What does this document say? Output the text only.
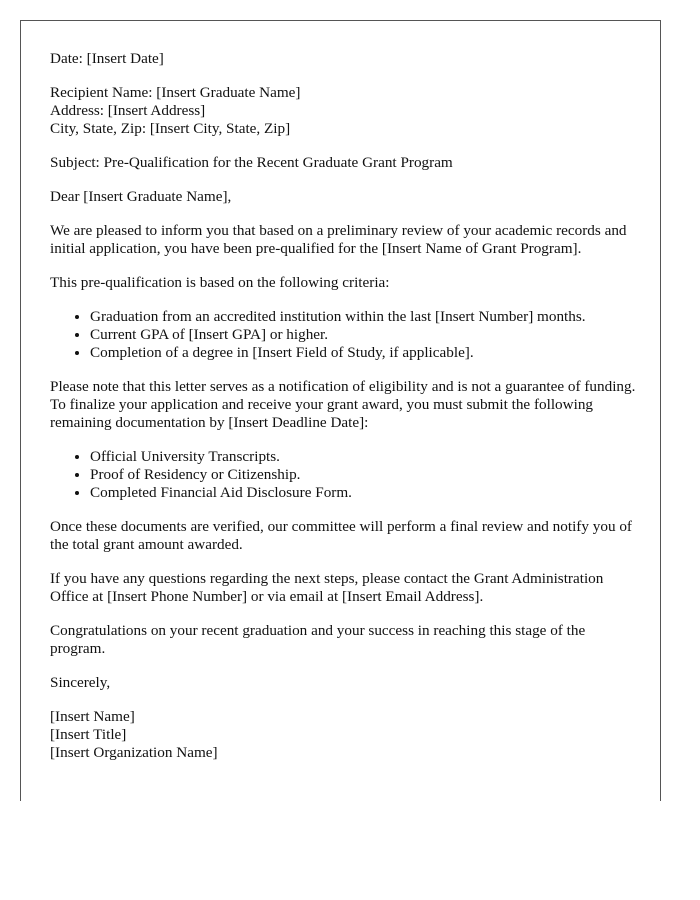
Date: [Insert Date]

Recipient Name: [Insert Graduate Name]

Address: [Insert Address]

City, State, Zip: [Insert City, State, Zip]

Subject: Pre-Qualification for the Recent Graduate Grant Program

Dear [Insert Graduate Name],

We are pleased to inform you that based on a preliminary review of your academic records and initial application, you have been pre-qualified for the [Insert Name of Grant Program].

This pre-qualification is based on the following criteria:

• Graduation from an accredited institution within the last [Insert Number] months.
• Current GPA of [Insert GPA] or higher.
• Completion of a degree in [Insert Field of Study, if applicable].

Please note that this letter serves as a notification of eligibility and is not a guarantee of funding. To finalize your application and receive your grant award, you must submit the following remaining documentation by [Insert Deadline Date]:

• Official University Transcripts.
• Proof of Residency or Citizenship.
• Completed Financial Aid Disclosure Form.

Once these documents are verified, our committee will perform a final review and notify you of the total grant amount awarded.

If you have any questions regarding the next steps, please contact the Grant Administration Office at [Insert Phone Number] or via email at [Insert Email Address].

Congratulations on your recent graduation and your success in reaching this stage of the program.

Sincerely,

[Insert Name]

[Insert Title]

[Insert Organization Name]
